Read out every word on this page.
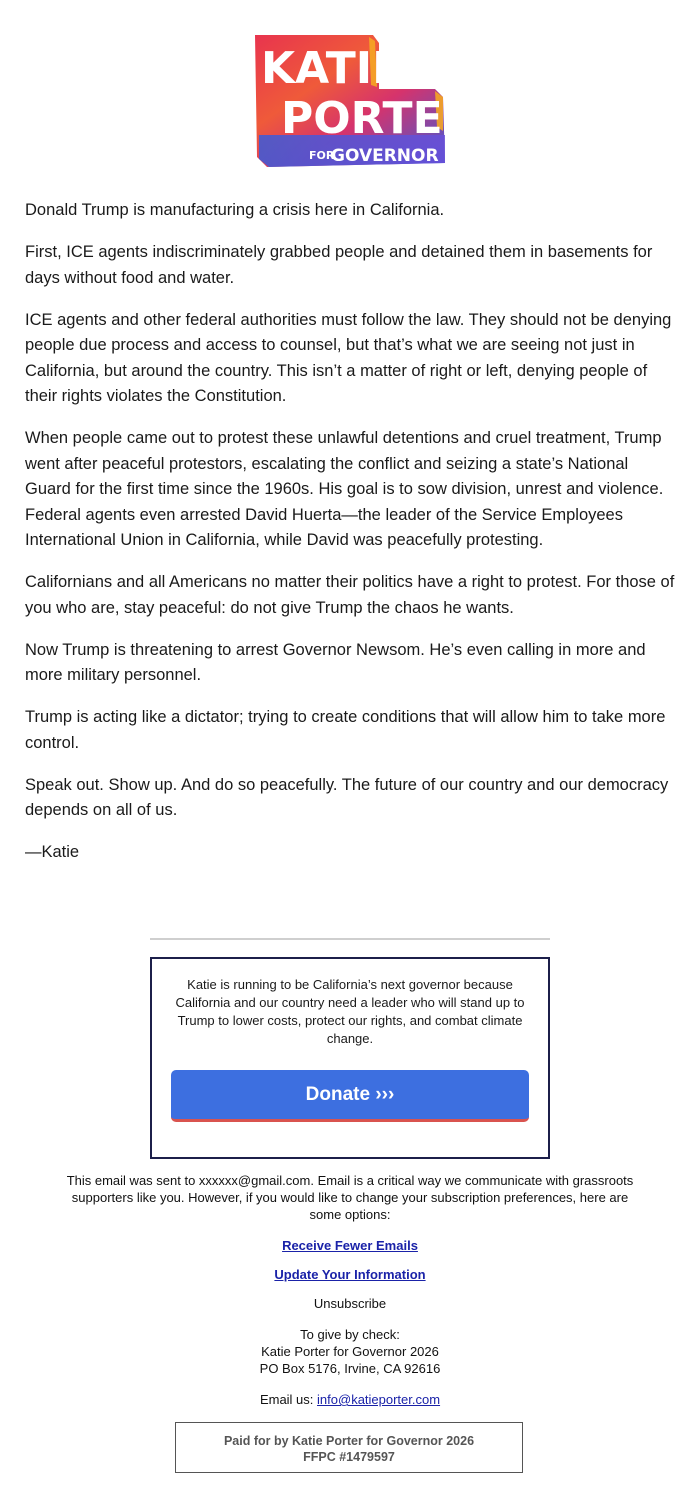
KATIE
PORTER
FOR
GOVERNOR

Donald Trump is manufacturing a crisis here in California.

First, ICE agents indiscriminately grabbed people and detained them in basements for days without food and water.

ICE agents and other federal authorities must follow the law. They should not be denying people due process and access to counsel, but that’s what we are seeing not just in California, but around the country. This isn’t a matter of right or left, denying people of their rights violates the Constitution.

When people came out to protest these unlawful detentions and cruel treatment, Trump went after peaceful protestors, escalating the conflict and seizing a state’s National Guard for the first time since the 1960s. His goal is to sow division, unrest and violence. Federal agents even arrested David Huerta—the leader of the Service Employees International Union in California, while David was peacefully protesting.

Californians and all Americans no matter their politics have a right to protest. For those of you who are, stay peaceful: do not give Trump the chaos he wants.

Now Trump is threatening to arrest Governor Newsom. He’s even calling in more and more military personnel.

Trump is acting like a dictator; trying to create conditions that will allow him to take more control.

Speak out. Show up. And do so peacefully. The future of our country and our democracy depends on all of us.

—Katie

Katie is running to be California’s next governor because California and our country need a leader who will stand up to Trump to lower costs, protect our rights, and combat climate change.
Donate ›››
This email was sent to xxxxxx@gmail.com. Email is a critical way we communicate with grassroots supporters like you. However, if you would like to change your subscription preferences, here are some options:
Receive Fewer Emails
Update Your Information
Unsubscribe
To give by check:
Katie Porter for Governor 2026
PO Box 5176, Irvine, CA 92616
Email us: info@katieporter.com
Paid for by Katie Porter for Governor 2026
FFPC #1479597
